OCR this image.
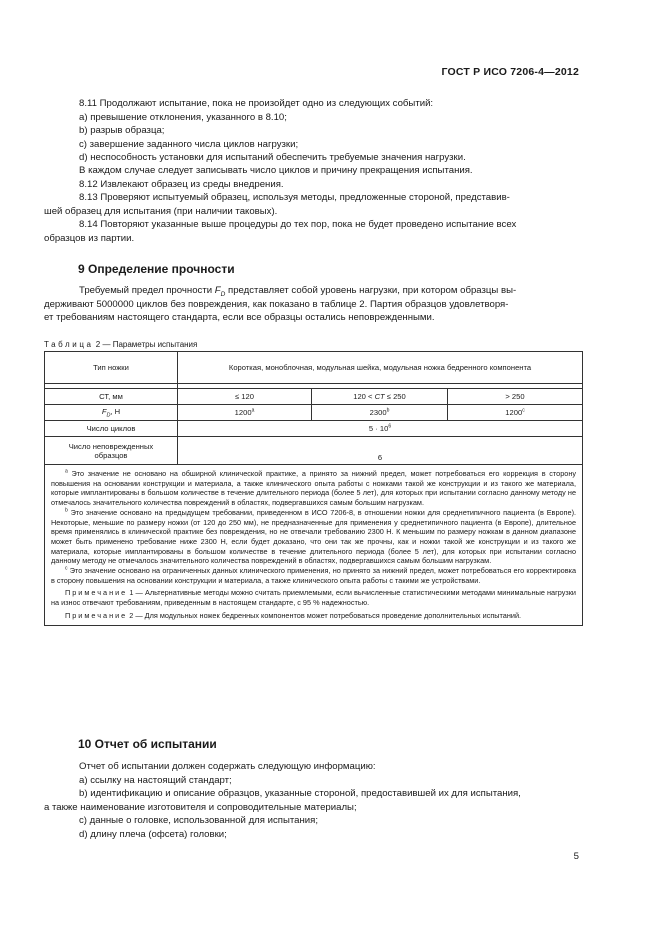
ГОСТ Р ИСО 7206-4—2012
8.11 Продолжают испытание, пока не произойдет одно из следующих событий:
а) превышение отклонения, указанного в 8.10;
b) разрыв образца;
c) завершение заданного числа циклов нагрузки;
d) неспособность установки для испытаний обеспечить требуемые значения нагрузки.
В каждом случае следует записывать число циклов и причину прекращения испытания.
8.12 Извлекают образец из среды внедрения.
8.13 Проверяют испытуемый образец, используя методы, предложенные стороной, представив-
шей образец для испытания (при наличии таковых).
8.14 Повторяют указанные выше процедуры до тех пор, пока не будет проведено испытание всех
образцов из партии.
9 Определение прочности
Требуемый предел прочности $F_D$ представляет собой уровень нагрузки, при котором образцы вы-
держивают 5000000 циклов без повреждения, как показано в таблице 2. Партия образцов удовлетворя-
ет требованиям настоящего стандарта, если все образцы остались неповрежденными.
Таблица 2 — Параметры испытания
Тип ножки	Короткая, моноблочная, модульная шейка, модульная ножка бедренного компонента		

СТ, мм	≤ 120	120 < CT ≤ 250	> 250
$F_D$, Н	1200$^a$	2300$^b$	1200$^c$
Число циклов	$5 \cdot 10^6$
Число неповрежденных
образцов	6		

$^a$ Это значение не основано на обширной клинической практике, а принято за нижний предел, может потребоваться его коррекция в сторону повышения на основании конструкции и материала, а также клинического опыта работы с ножками такой же конструкции и из такого же материала, которые имплантированы в большом количестве в течение длительного периода (более 5 лет), для которых при испытании согласно данному методу не отмечалось значительного количества повреждений в областях, подвергавшихся самым большим нагрузкам.

$^b$ Это значение основано на предыдущем требовании, приведенном в ИСО 7206-8, в отношении ножки для среднетипичного пациента (в Европе). Некоторые, меньшие по размеру ножки (от 120 до 250 мм), не предназначенные для применения у среднетипичного пациента (в Европе), длительное время применялись в клинической практике без повреждения, но не отвечали требованию 2300 Н. К меньшим по размеру ножкам в данном диапазоне может быть применено требование ниже 2300 Н, если будет доказано, что они так же прочны, как и ножки такой же конструкции и из такого же материала, которые имплантированы в большом количестве в течение длительного периода (более 5 лет), для которых при испытании согласно данному методу не отмечалось значительного количества повреждений в областях, подвергавшихся самым большим нагрузкам.

$^c$ Это значение основано на ограниченных данных клинического применения, но принято за нижний предел, может потребоваться его корректировка в сторону повышения на основании конструкции и материала, а также клинического опыта работы с такими же устройствами.

Примечание 1 — Альтернативные методы можно считать приемлемыми, если вычисленные статистическими методами минимальные нагрузки на износ отвечают требованиям, приведенным в настоящем стандарте, с 95 % надежностью.

Примечание 2 — Для модульных ножек бедренных компонентов может потребоваться проведение дополнительных испытаний.			

10 Отчет об испытании
Отчет об испытании должен содержать следующую информацию:
а) ссылку на настоящий стандарт;
b) идентификацию и описание образцов, указанные стороной, предоставившей их для испытания,
а также наименование изготовителя и сопроводительные материалы;
c) данные о головке, использованной для испытания;
d) длину плеча (офсета) головки;
5
